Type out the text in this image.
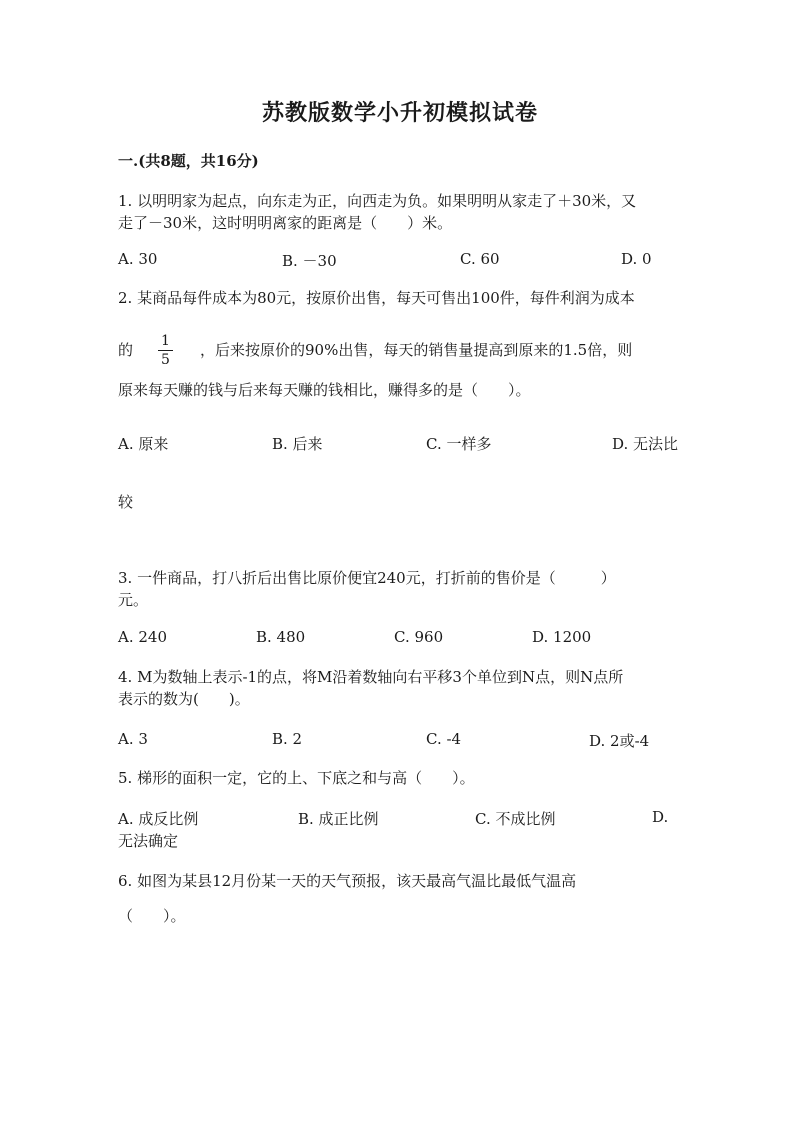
苏教版数学小升初模拟试卷
一.(共8题，共16分)
1. 以明明家为起点，向东走为正，向西走为负。如果明明从家走了＋30米，又
走了－30米，这时明明离家的距离是（　　）米。
A. 30	B. －30	C. 60	D. 0
2. 某商品每件成本为80元，按原价出售，每天可售出100件，每件利润为成本
的 $\frac{1}{5}$ ，后来按原价的90%出售，每天的销售量提高到原来的1.5倍，则
原来每天赚的钱与后来每天赚的钱相比，赚得多的是（　　）。
A. 原来	B. 后来	C. 一样多	D. 无法比
较
3. 一件商品，打八折后出售比原价便宜240元，打折前的售价是（　　　）
元。
A. 240	B. 480	C. 960	D. 1200
4. M为数轴上表示-1的点，将M沿着数轴向右平移3个单位到N点，则N点所
表示的数为(　　)。
A. 3	B. 2	C. -4	D. 2或-4
5. 梯形的面积一定，它的上、下底之和与高（　　）。
A. 成反比例	B. 成正比例	C. 不成比例	D.
无法确定
6. 如图为某县12月份某一天的天气预报，该天最高气温比最低气温高
（　　）。
